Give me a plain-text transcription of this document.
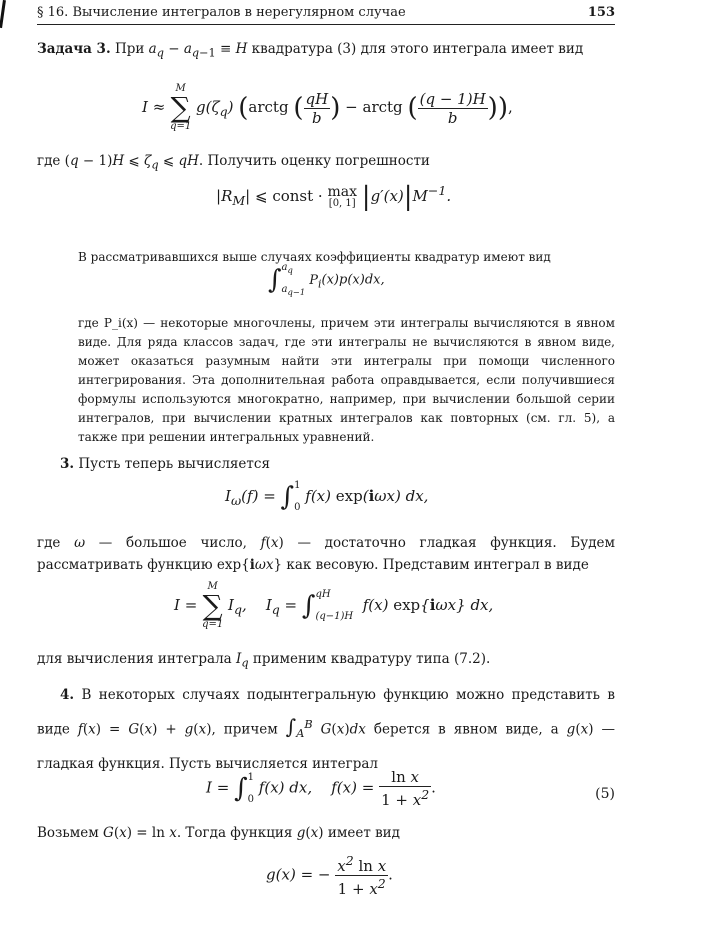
§ 16. Вычисление интегралов в нерегулярном случае	153
Задача 3. При $a_q - a_{q-1} \equiv H$ квадратура (3) для этого интеграла имеет вид
I ≈
M
∑
q=1
$g(\zeta_q)$ (arctg ( $\frac{qH}{b}$ ) − arctg ( $\frac{(q - 1)H}{b}$ )),
где (q − 1)H ⩽ $\zeta_q$ ⩽ qH. Получить оценку погрешности
$|R_M|$ ⩽ const · max
[0, 1] $|g'(x)|M^{-1}$.
В рассматривавшихся выше случаях коэффициенты квадратур имеют вид
∫ $a_q$
$a_{q-1}$
$P_i(x)p(x)dx$,
где P_i(x) — некоторые многочлены, причем эти интегралы вычисляются в явном виде. Для ряда классов задач, где эти интегралы не вычисляются в явном виде, может оказаться разумным найти эти интегралы при помощи численного интегрирования. Эта дополнительная работа оправдывается, если получившиеся формулы используются многократно, например, при вычислении большой серии интегралов, при вычислении кратных интегралов как повторных (см. гл. 5), а также при решении интегральных уравнений.
3. Пусть теперь вычисляется
$I_\omega(f)$ = ∫ 1
0
f(x) exp(iωx) dx,
где ω — большое число, f(x) — достаточно гладкая функция. Будем рассматривать функцию exp{iωx} как весовую. Представим интеграл в виде
I =
M
∑
q=1
$I_q$,    $I_q$ = ∫ qH
(q−1)H
f(x) exp{iωx} dx,
для вычисления интеграла $I_q$ применим квадратуру типа (7.2).
4. В некоторых случаях подынтегральную функцию можно представить в виде f(x) = G(x) + g(x), причем $\int_A^B$ G(x)dx берется в явном виде, а g(x) — гладкая функция. Пусть вычисляется интеграл
I = ∫ 1
0
f(x) dx,    $f(x) = \frac{\text{ln x}}{1 + x^2}$ .	(5)
Возьмем G(x) = ln x. Тогда функция g(x) имеет вид
g(x) = − $\frac{x^2 \ln x}{1 + x^2}$ .
